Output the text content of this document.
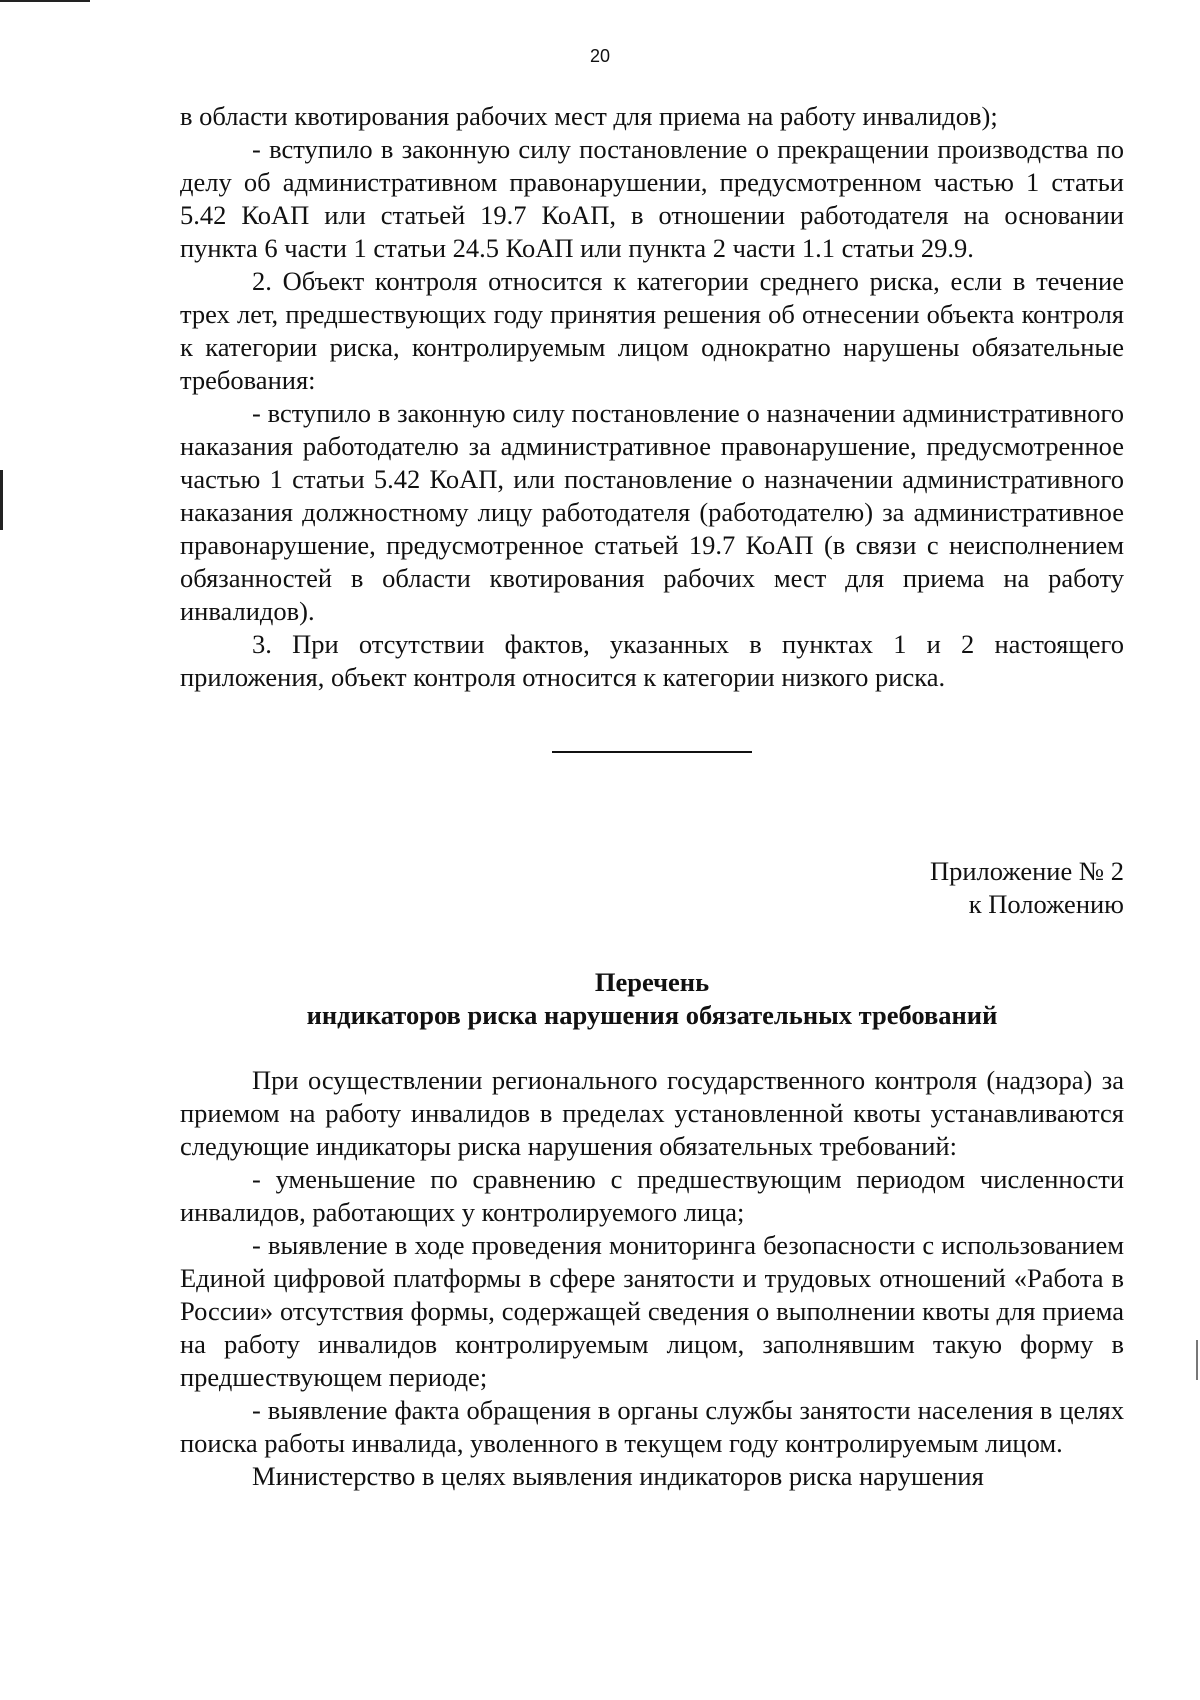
20

в области квотирования рабочих мест для приема на работу инвалидов);

- вступило в законную силу постановление о прекращении производства по делу об административном правонарушении, предусмотренном частью 1 статьи 5.42 КоАП или статьей 19.7 КоАП, в отношении работодателя на основании пункта 6 части 1 статьи 24.5 КоАП или пункта 2 части 1.1 статьи 29.9.

2. Объект контроля относится к категории среднего риска, если в течение трех лет, предшествующих году принятия решения об отнесении объекта контроля к категории риска, контролируемым лицом однократно нарушены обязательные требования:

- вступило в законную силу постановление о назначении административного наказания работодателю за административное правонарушение, предусмотренное частью 1 статьи 5.42 КоАП, или постановление о назначении административного наказания должностному лицу работодателя (работодателю) за административное правонарушение, предусмотренное статьей 19.7 КоАП (в связи с неисполнением обязанностей в области квотирования рабочих мест для приема на работу инвалидов).

3. При отсутствии фактов, указанных в пунктах 1 и 2 настоящего приложения, объект контроля относится к категории низкого риска.

Приложение № 2
к Положению
Перечень
индикаторов риска нарушения обязательных требований

При осуществлении регионального государственного контроля (надзора) за приемом на работу инвалидов в пределах установленной квоты устанавливаются следующие индикаторы риска нарушения обязательных требований:

- уменьшение по сравнению с предшествующим периодом численности инвалидов, работающих у контролируемого лица;

- выявление в ходе проведения мониторинга безопасности с использованием Единой цифровой платформы в сфере занятости и трудовых отношений «Работа в России» отсутствия формы, содержащей сведения о выполнении квоты для приема на работу инвалидов контролируемым лицом, заполнявшим такую форму в предшествующем периоде;

- выявление факта обращения в органы службы занятости населения в целях поиска работы инвалида, уволенного в текущем году контролируемым лицом.

Министерство в целях выявления индикаторов риска нарушения
